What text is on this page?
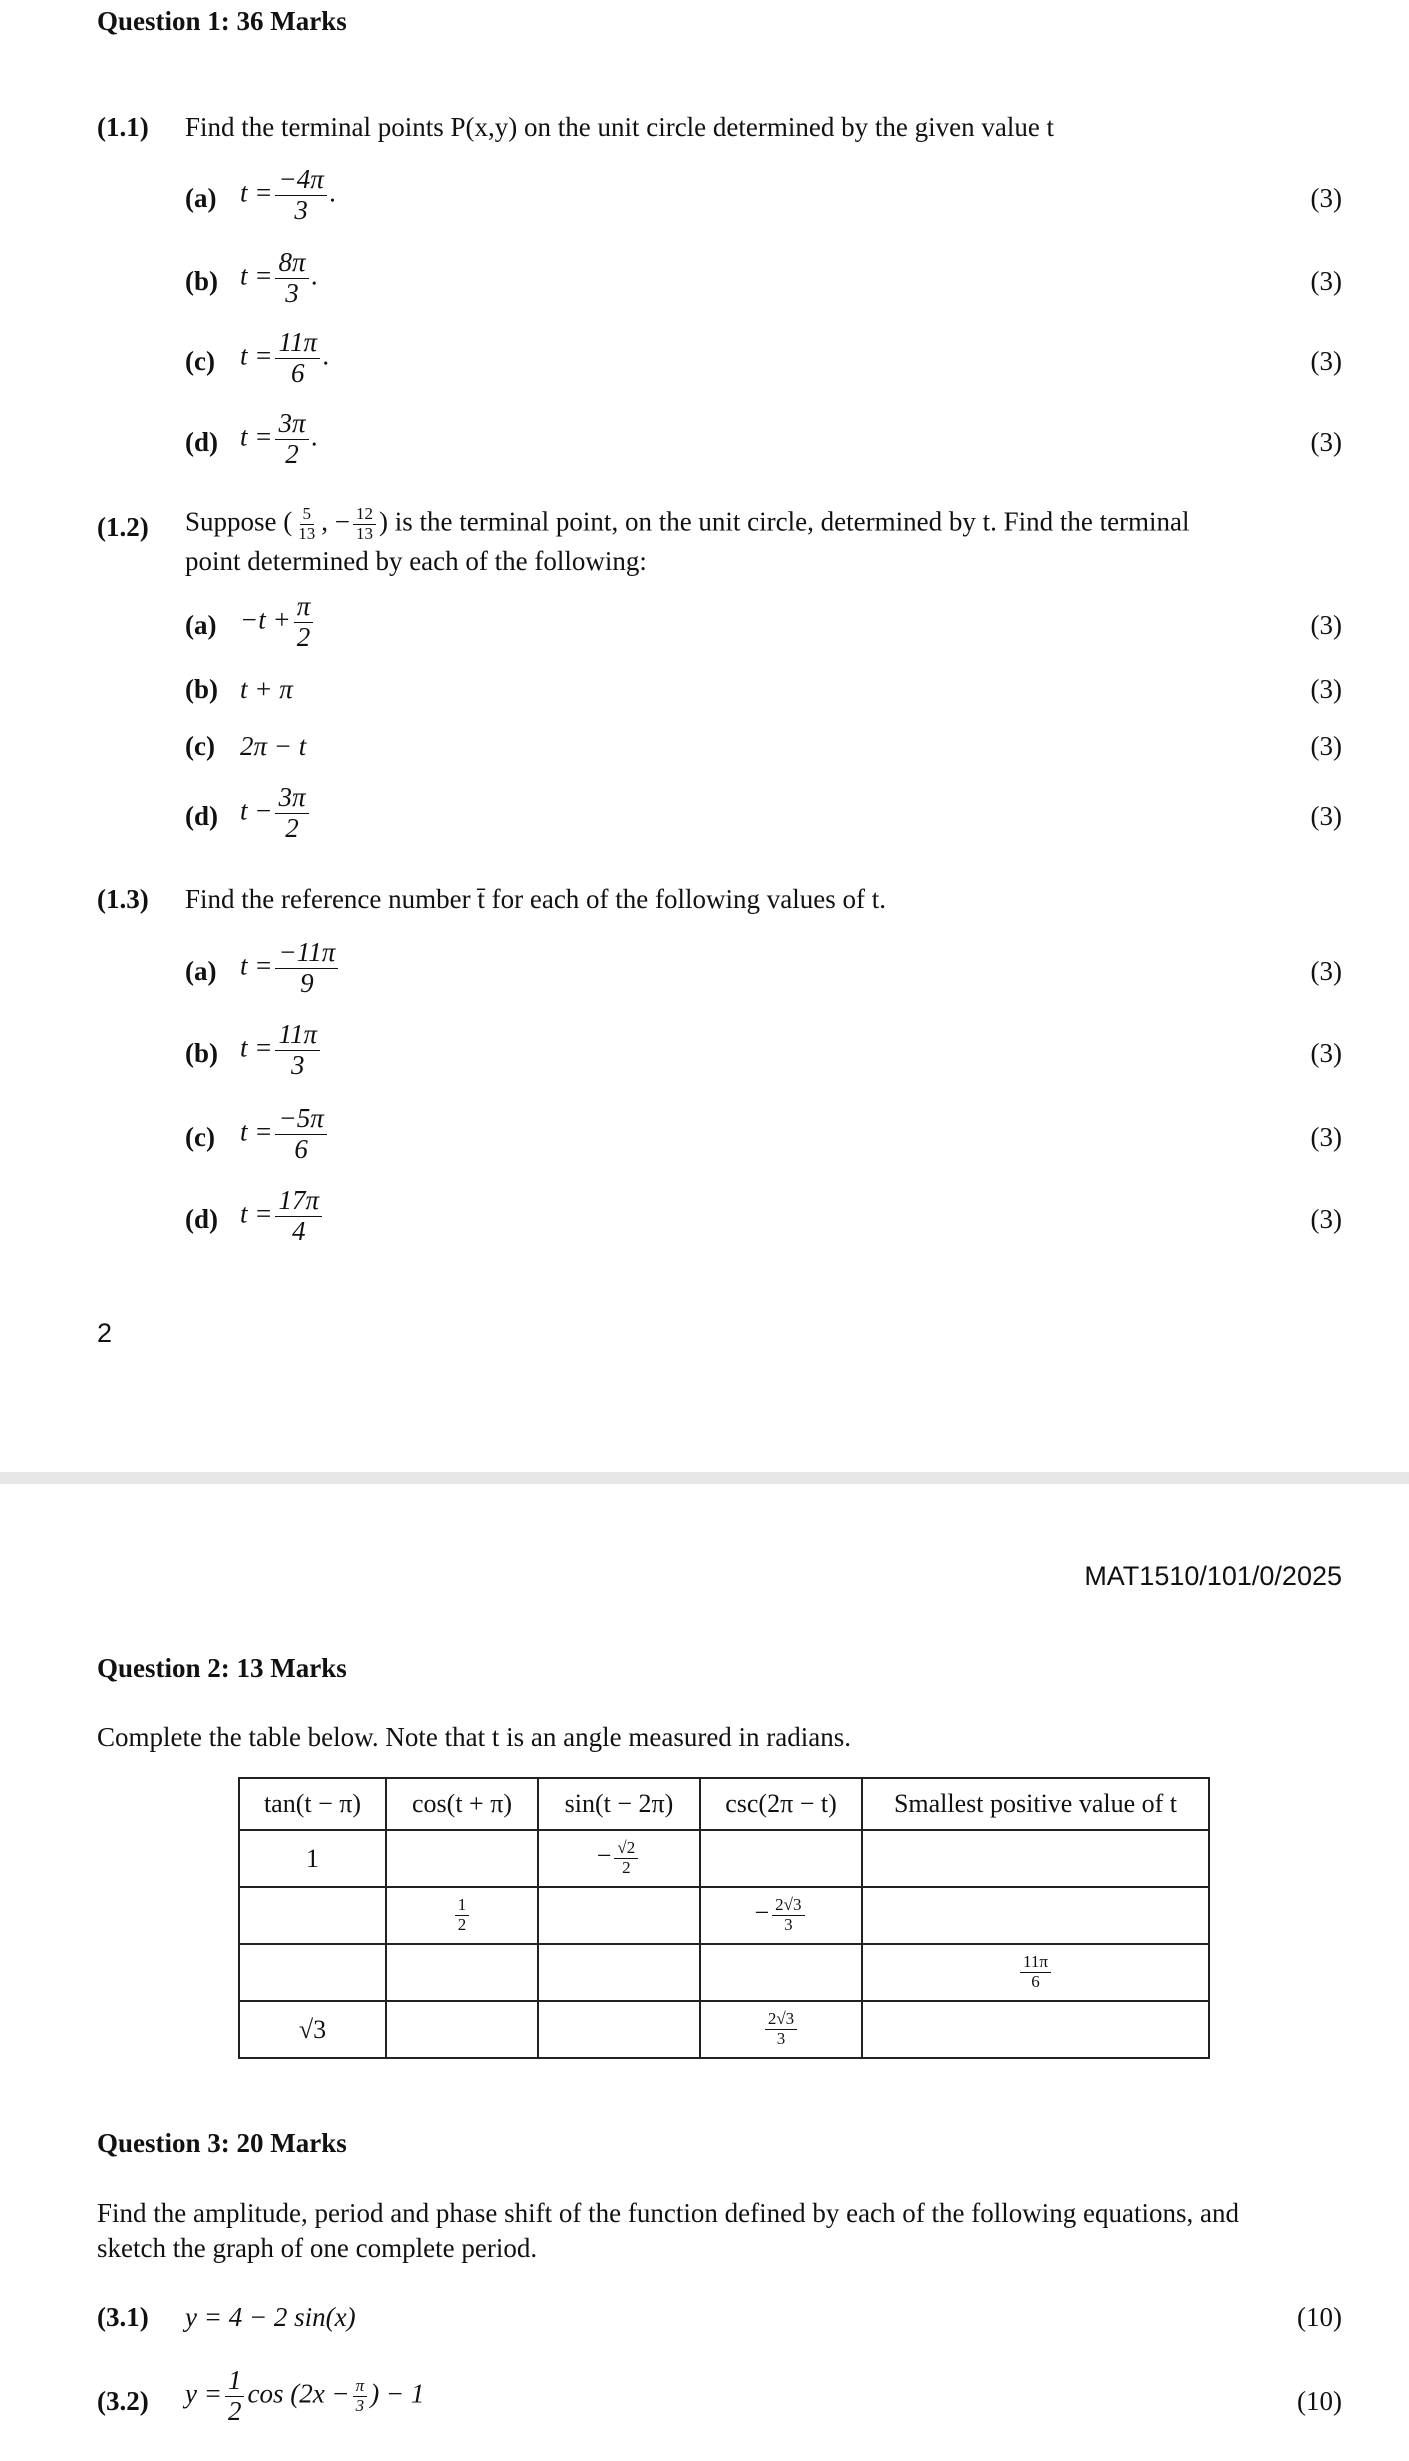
Question 1: 36 Marks
(1.1) Find the terminal points P(x,y) on the unit circle determined by the given value t
(a) $t = \frac{-4\pi}{3}$ .	(3)
(b) $t = \frac{8\pi}{3}$ .	(3)
(c) $t = \frac{11\pi}{6}$ .	(3)
(d) $t = \frac{3\pi}{2}$ .	(3)
(1.2) Suppose ( $\frac{5}{13}$ , − $\frac{12}{13}$ ) is the terminal point, on the unit circle, determined by t. Find the terminal
point determined by each of the following:
$(a) -t + \frac{\pi}{2}$	(3)
(b) t + π	(3)
(c) 2π − t	(3)
(d) $t - \frac{3\pi}{2}$	(3)
(1.3) Find the reference number t̄ for each of the following values of t.
(a) $t = \frac{-11\pi}{9}$	(3)
(b) $t = \frac{11\pi}{3}$	(3)
(c) $t = \frac{-5\pi}{6}$	(3)
(d) $t = \frac{17\pi}{4}$	(3)
2
MAT1510/101/0/2025
Question 2: 13 Marks
Complete the table below. Note that t is an angle measured in radians.
tan(t − π)	cos(t + π)	sin(t − 2π)	csc(2π − t)	Smallest positive value of t
1		− $\frac{√2}{2}$

	$\frac{1}{2}$		− $\frac{2√3}{3}$

				$\frac{11\pi}{6}$

√3			$\frac{2√3}{3}$

Question 3: 20 Marks
Find the amplitude, period and phase shift of the function defined by each of the following equations, and
sketch the graph of one complete period.
(3.1) y = 4 − 2 sin(x)	(10)
(3.2) $y = \frac{1}{2}$ $\cos (2x - \frac{\pi}{3}$ ) − 1	(10)
